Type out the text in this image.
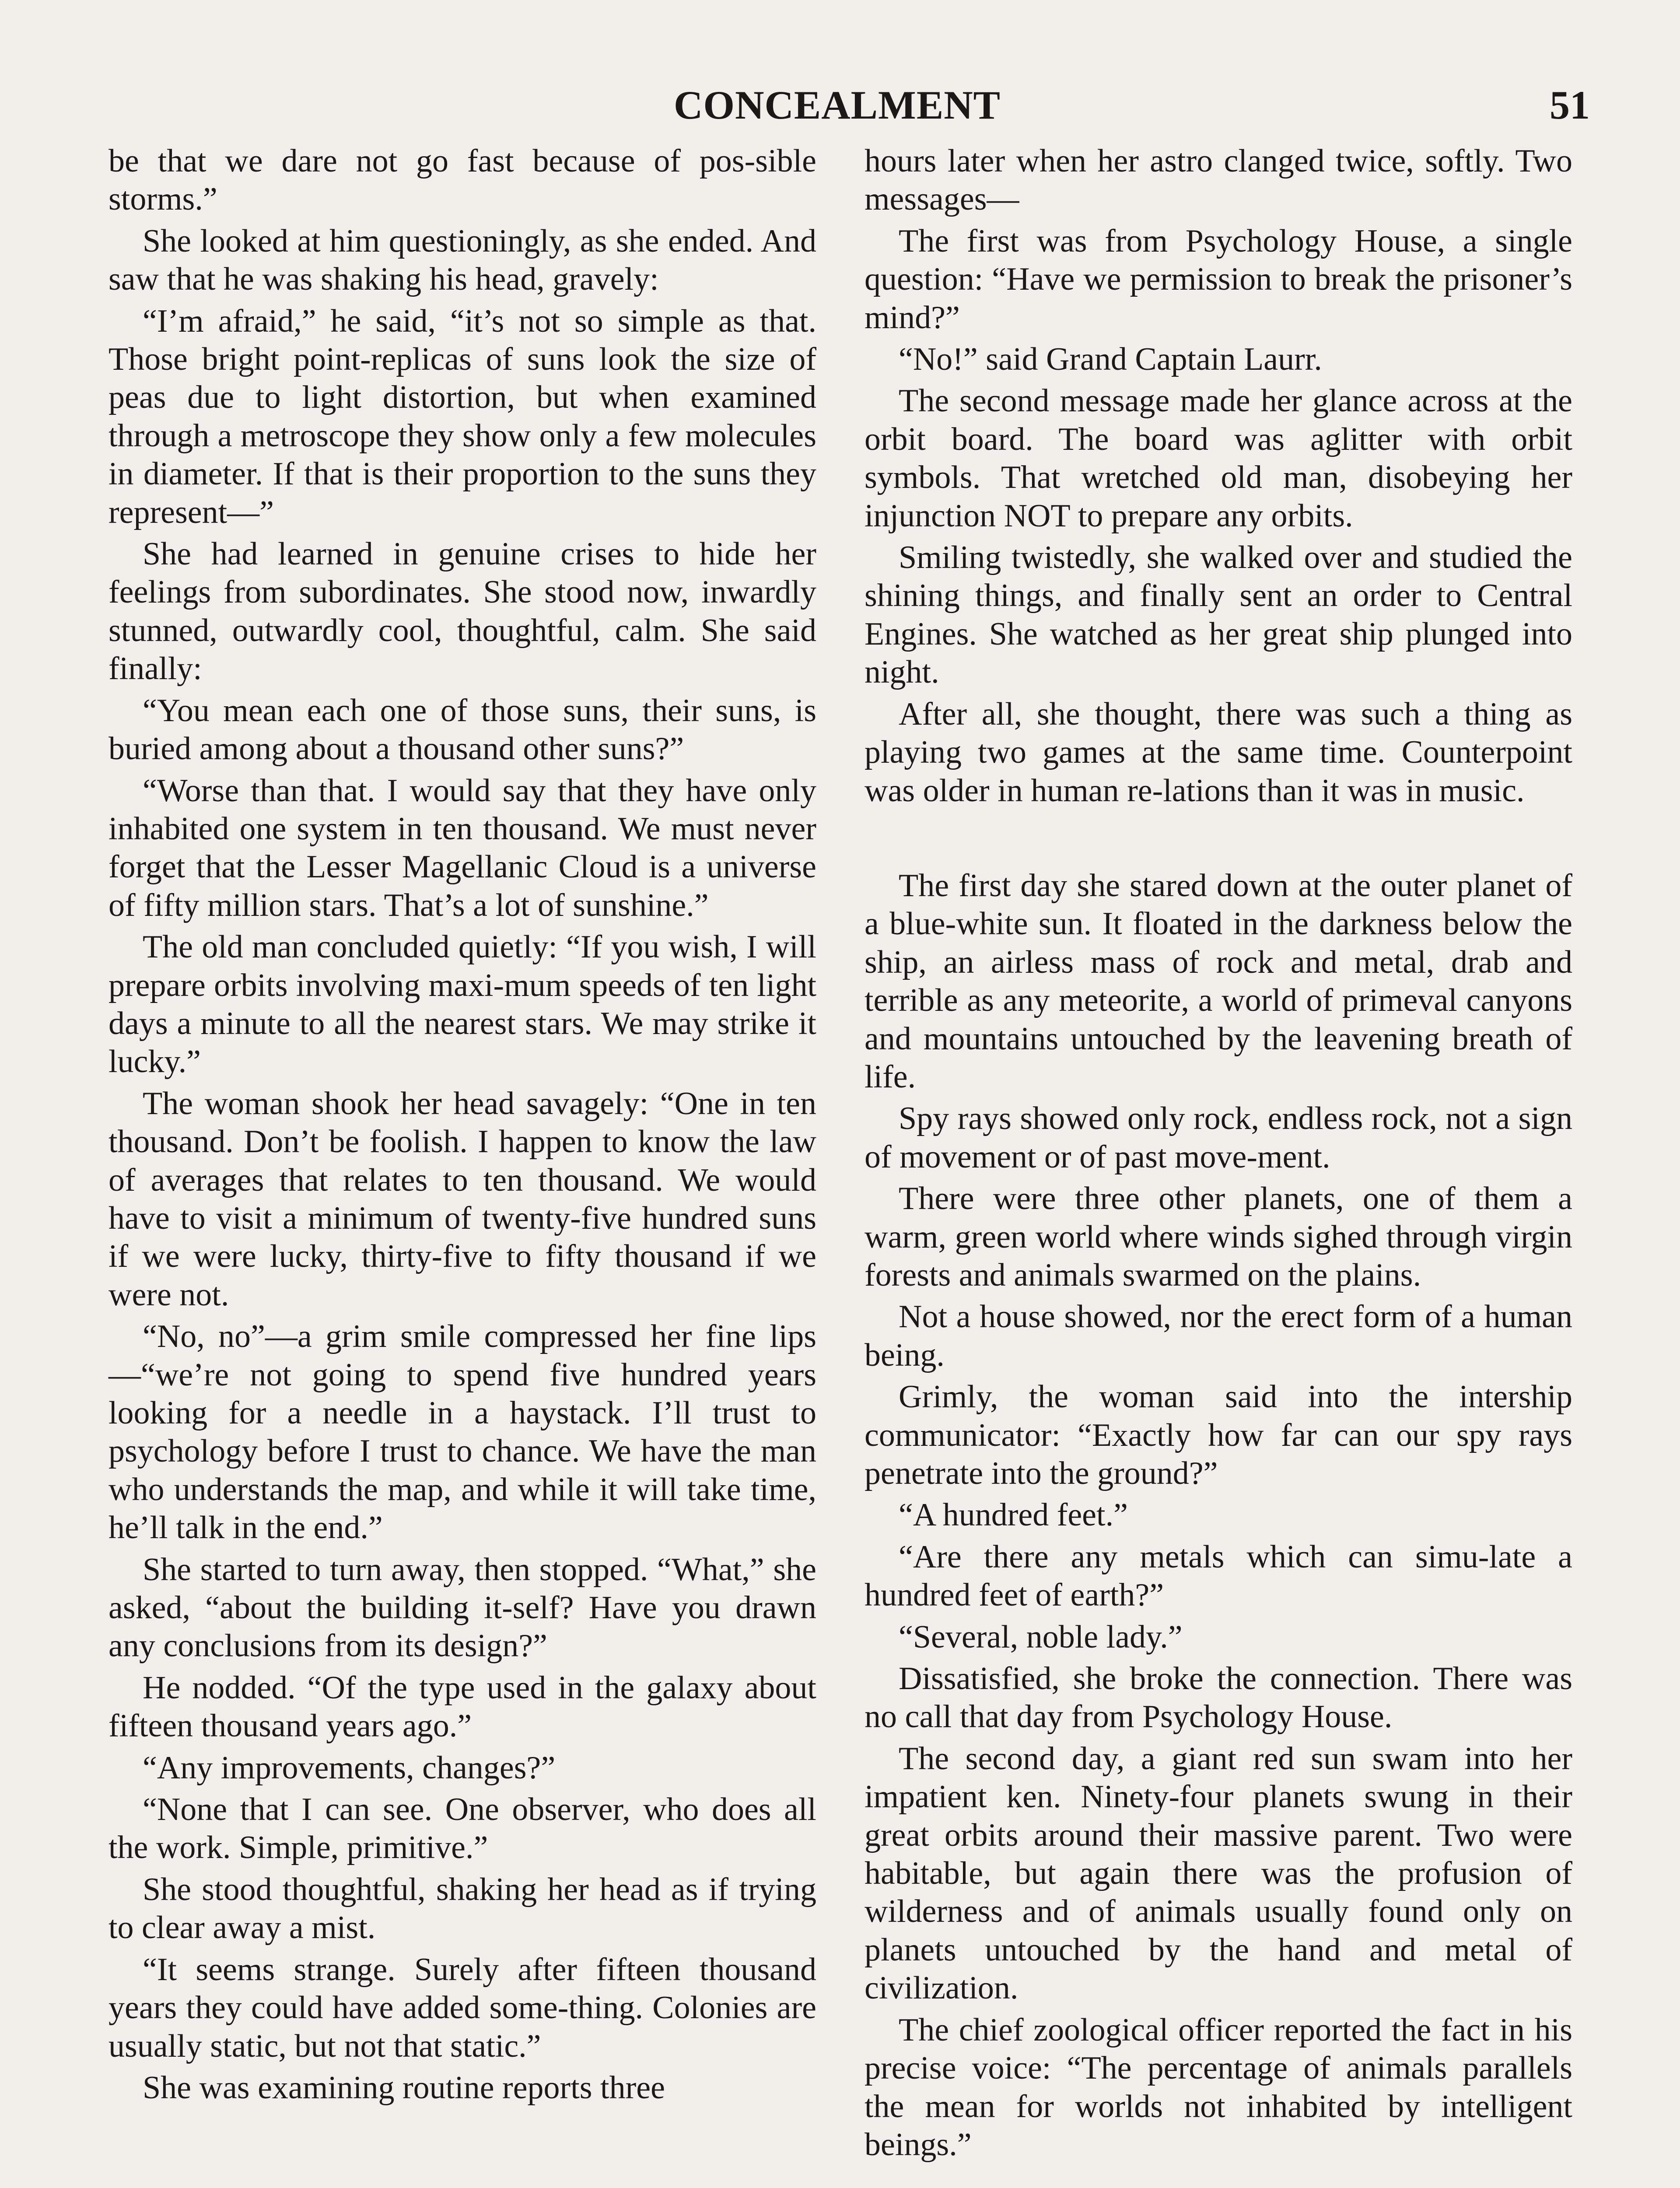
CONCEALMENT	51

be that we dare not go fast because of pos-sible storms.”

She looked at him questioningly, as she ended. And saw that he was shaking his head, gravely:

“I’m afraid,” he said, “it’s not so simple as that. Those bright point-replicas of suns look the size of peas due to light distortion, but when examined through a metroscope they show only a few molecules in diameter. If that is their proportion to the suns they represent—”

She had learned in genuine crises to hide her feelings from subordinates. She stood now, inwardly stunned, outwardly cool, thoughtful, calm. She said finally:

“You mean each one of those suns, their suns, is buried among about a thousand other suns?”

“Worse than that. I would say that they have only inhabited one system in ten thousand. We must never forget that the Lesser Magellanic Cloud is a universe of fifty million stars. That’s a lot of sunshine.”

The old man concluded quietly: “If you wish, I will prepare orbits involving maxi-mum speeds of ten light days a minute to all the nearest stars. We may strike it lucky.”

The woman shook her head savagely: “One in ten thousand. Don’t be foolish. I happen to know the law of averages that relates to ten thousand. We would have to visit a minimum of twenty-five hundred suns if we were lucky, thirty-five to fifty thousand if we were not.

“No, no”—a grim smile compressed her fine lips—“we’re not going to spend five hundred years looking for a needle in a haystack. I’ll trust to psychology before I trust to chance. We have the man who understands the map, and while it will take time, he’ll talk in the end.”

She started to turn away, then stopped. “What,” she asked, “about the building it-self? Have you drawn any conclusions from its design?”

He nodded. “Of the type used in the galaxy about fifteen thousand years ago.”

“Any improvements, changes?”

“None that I can see. One observer, who does all the work. Simple, primitive.”

She stood thoughtful, shaking her head as if trying to clear away a mist.

“It seems strange. Surely after fifteen thousand years they could have added some-thing. Colonies are usually static, but not that static.”

She was examining routine reports three

hours later when her astro clanged twice, softly. Two messages—

The first was from Psychology House, a single question: “Have we permission to break the prisoner’s mind?”

“No!” said Grand Captain Laurr.

The second message made her glance across at the orbit board. The board was aglitter with orbit symbols. That wretched old man, disobeying her injunction NOT to prepare any orbits.

Smiling twistedly, she walked over and studied the shining things, and finally sent an order to Central Engines. She watched as her great ship plunged into night.

After all, she thought, there was such a thing as playing two games at the same time. Counterpoint was older in human re-lations than it was in music.

The first day she stared down at the outer planet of a blue-white sun. It floated in the darkness below the ship, an airless mass of rock and metal, drab and terrible as any meteorite, a world of primeval canyons and mountains untouched by the leavening breath of life.

Spy rays showed only rock, endless rock, not a sign of movement or of past move-ment.

There were three other planets, one of them a warm, green world where winds sighed through virgin forests and animals swarmed on the plains.

Not a house showed, nor the erect form of a human being.

Grimly, the woman said into the intership communicator: “Exactly how far can our spy rays penetrate into the ground?”

“A hundred feet.”

“Are there any metals which can simu-late a hundred feet of earth?”

“Several, noble lady.”

Dissatisfied, she broke the connection. There was no call that day from Psychology House.

The second day, a giant red sun swam into her impatient ken. Ninety-four planets swung in their great orbits around their massive parent. Two were habitable, but again there was the profusion of wilderness and of animals usually found only on planets untouched by the hand and metal of civilization.

The chief zoological officer reported the fact in his precise voice: “The percentage of animals parallels the mean for worlds not inhabited by intelligent beings.”
